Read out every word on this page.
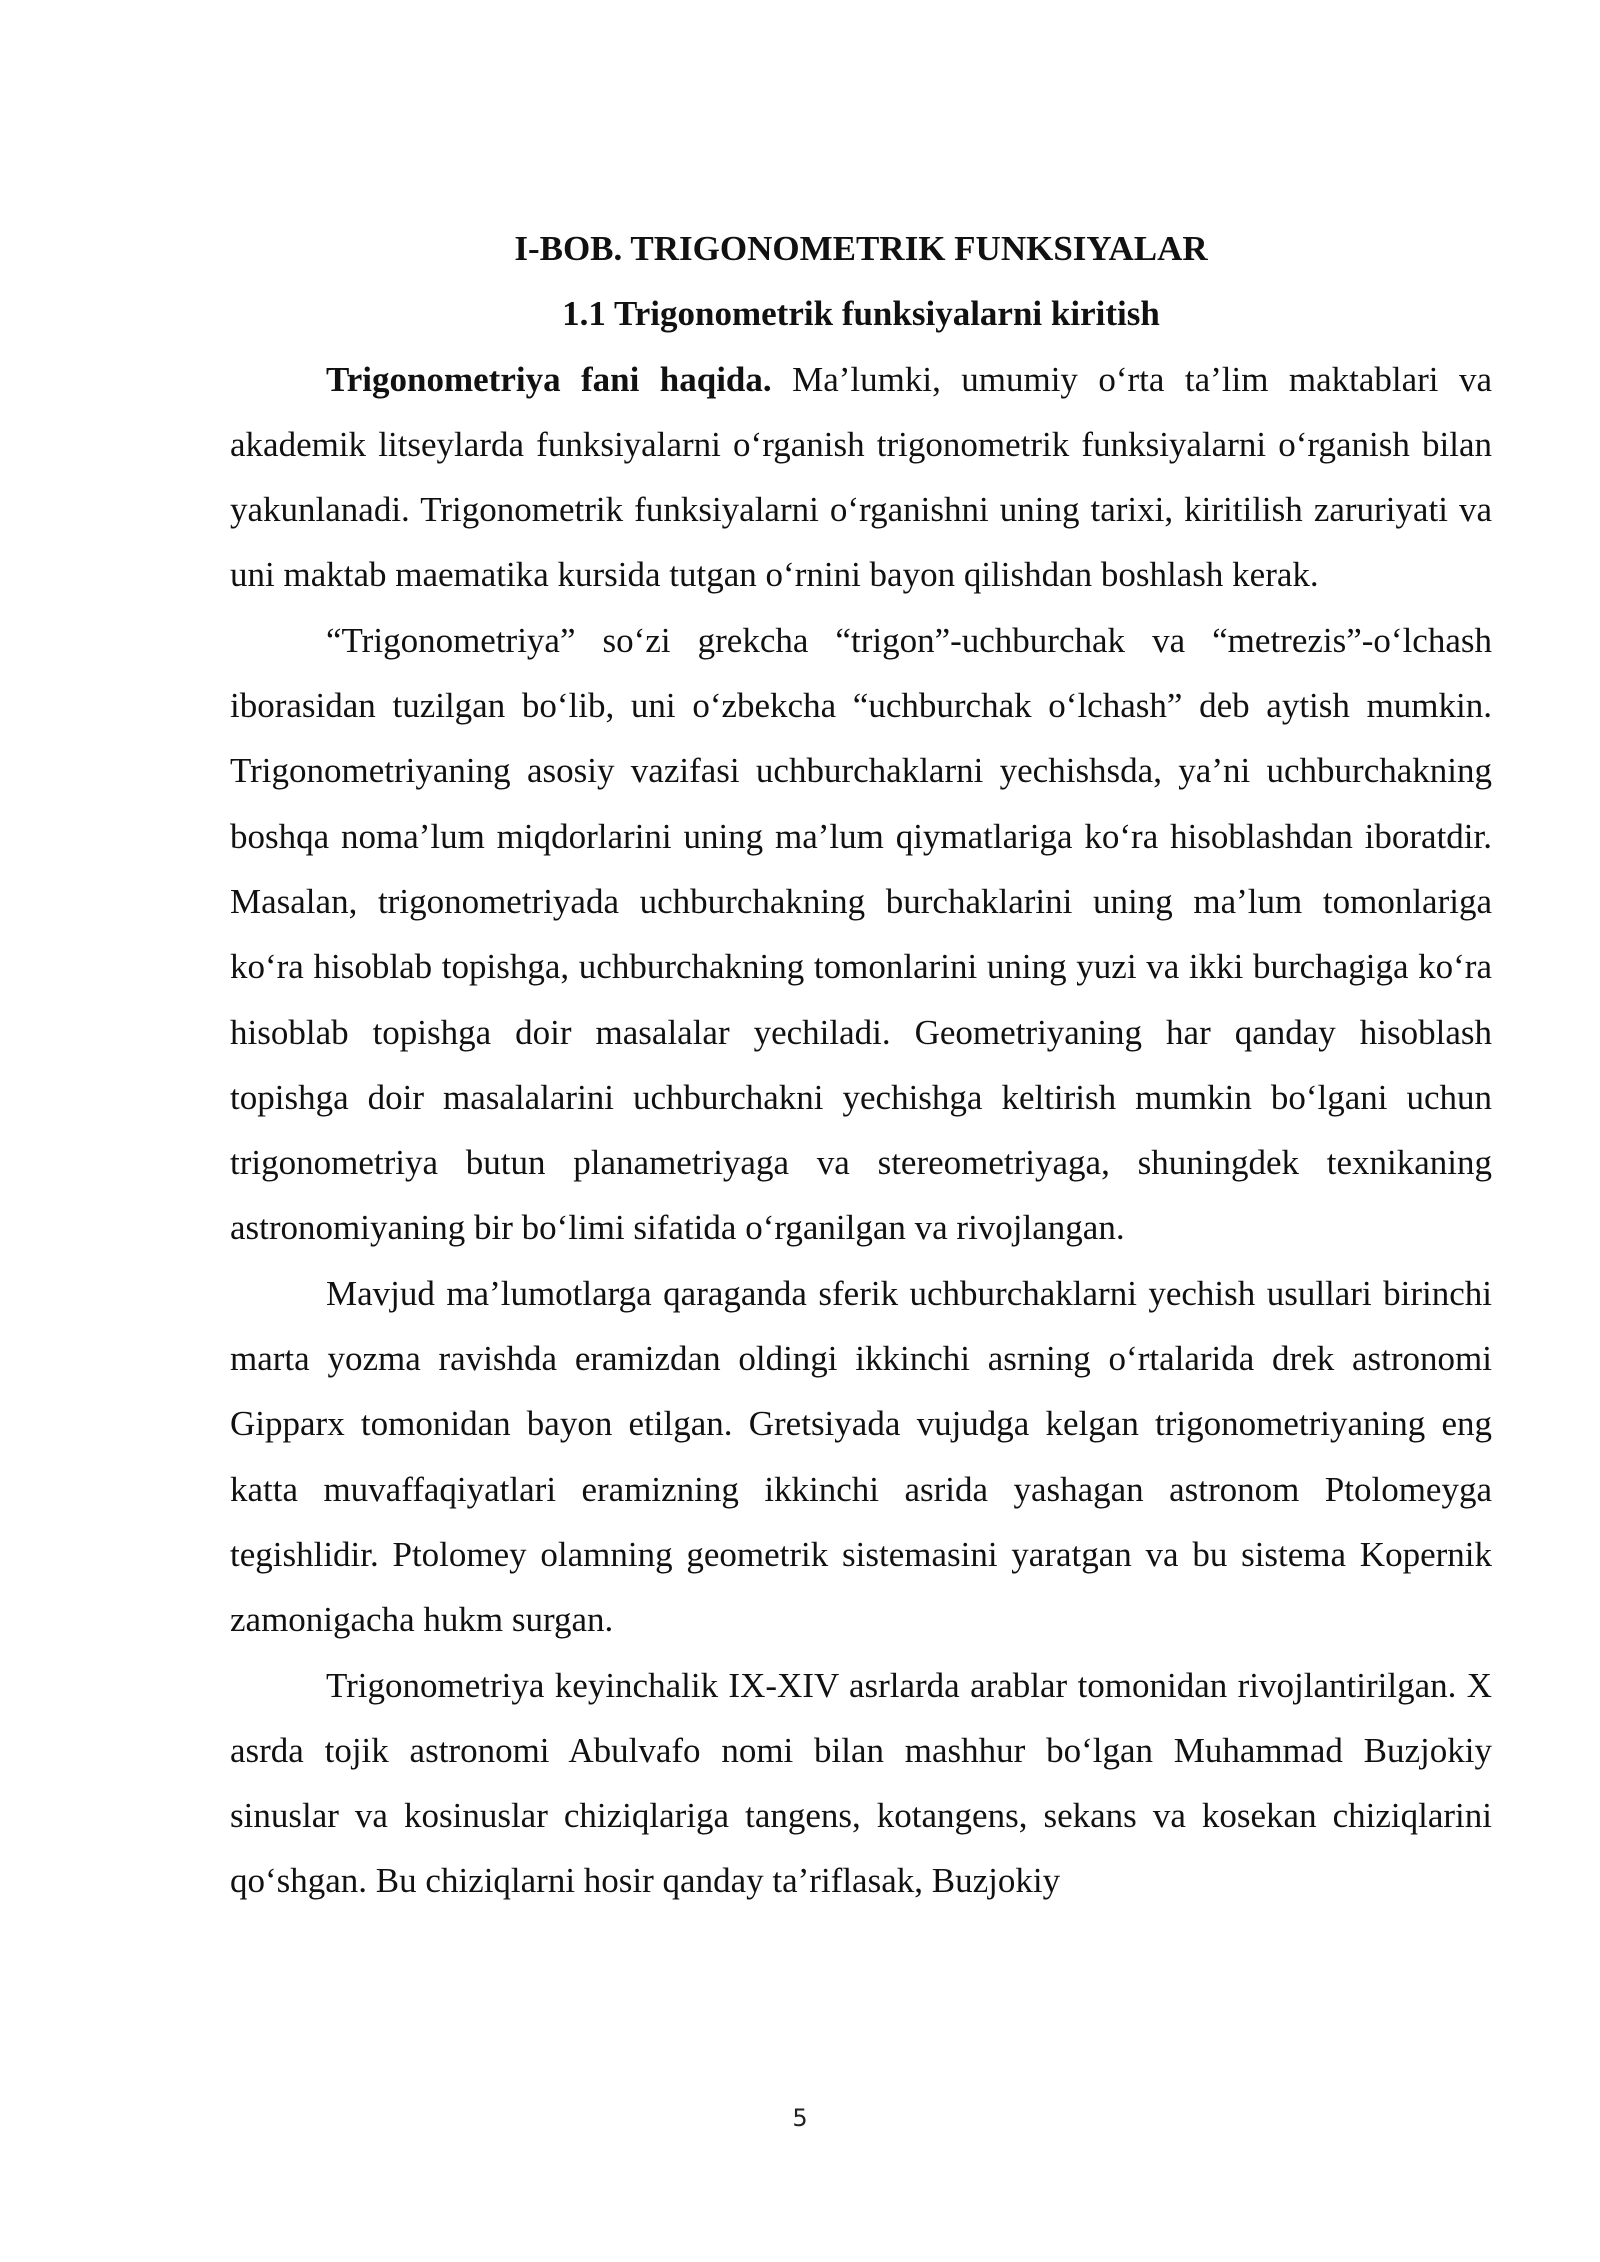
I-BOB. TRIGONOMETRIK FUNKSIYALAR
1.1 Trigonometrik funksiyalarni kiritish

Trigonometriya fani haqida. Ma’lumki, umumiy o‘rta ta’lim maktablari va akademik litseylarda funksiyalarni o‘rganish trigonometrik funksiyalarni o‘rganish bilan yakunlanadi. Trigonometrik funksiyalarni o‘rganishni uning tarixi, kiritilish zaruriyati va uni maktab maematika kursida tutgan o‘rnini bayon qilishdan boshlash kerak.

“Trigonometriya” so‘zi grekcha “trigon”-uchburchak va “metrezis”-o‘lchash iborasidan tuzilgan bo‘lib, uni o‘zbekcha “uchburchak o‘lchash” deb aytish mumkin. Trigonometriyaning asosiy vazifasi uchburchaklarni yechishsda, ya’ni uchburchakning boshqa noma’lum miqdorlarini uning ma’lum qiymatlariga ko‘ra hisoblashdan iboratdir. Masalan, trigonometriyada uchburchakning burchaklarini uning ma’lum tomonlariga ko‘ra hisoblab topishga, uchburchakning tomonlarini uning yuzi va ikki burchagiga ko‘ra hisoblab topishga doir masalalar yechiladi. Geometriyaning har qanday hisoblash topishga doir masalalarini uchburchakni yechishga keltirish mumkin bo‘lgani uchun trigonometriya butun planametriyaga va stereometriyaga, shuningdek texnikaning astronomiyaning bir bo‘limi sifatida o‘rganilgan va rivojlangan.

Mavjud ma’lumotlarga qaraganda sferik uchburchaklarni yechish usullari birinchi marta yozma ravishda eramizdan oldingi ikkinchi asrning o‘rtalarida drek astronomi Gipparx tomonidan bayon etilgan. Gretsiyada vujudga kelgan trigonometriyaning eng katta muvaffaqiyatlari eramizning ikkinchi asrida yashagan astronom Ptolomeyga tegishlidir. Ptolomey olamning geometrik sistemasini yaratgan va bu sistema Kopernik zamonigacha hukm surgan.

Trigonometriya keyinchalik IX-XIV asrlarda arablar tomonidan rivojlantirilgan. X asrda tojik astronomi Abulvafo nomi bilan mashhur bo‘lgan Muhammad Buzjokiy sinuslar va kosinuslar chiziqlariga tangens, kotangens, sekans va kosekan chiziqlarini qo‘shgan. Bu chiziqlarni hosir qanday ta’riflasak, Buzjokiy

5
